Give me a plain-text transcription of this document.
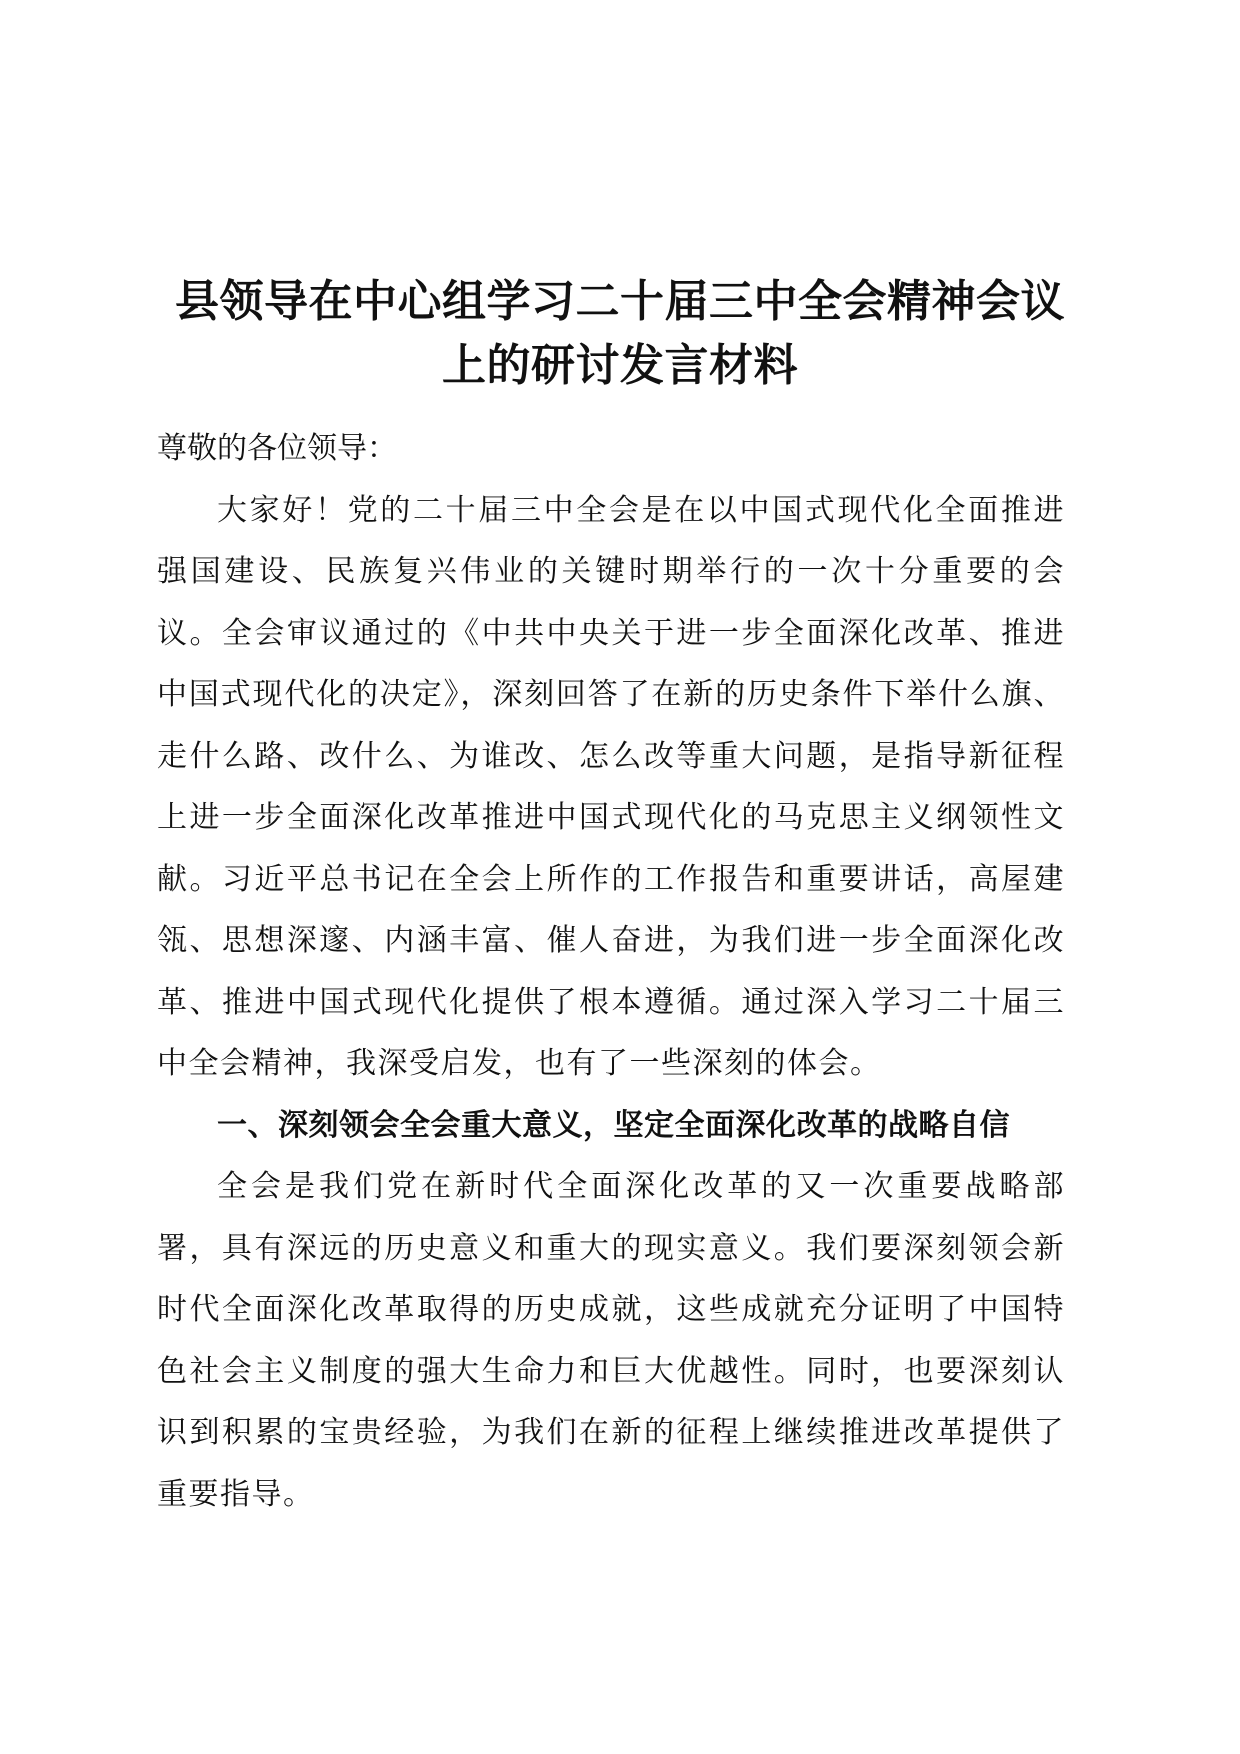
县领导在中心组学习二十届三中全会精神会议
上的研讨发言材料

尊敬的各位领导：

大家好！党的二十届三中全会是在以中国式现代化全面推进强国建设、民族复兴伟业的关键时期举行的一次十分重要的会议。全会审议通过的《中共中央关于进一步全面深化改革、推进中国式现代化的决定》，深刻回答了在新的历史条件下举什么旗、走什么路、改什么、为谁改、怎么改等重大问题，是指导新征程上进一步全面深化改革推进中国式现代化的马克思主义纲领性文献。习近平总书记在全会上所作的工作报告和重要讲话，高屋建瓴、思想深邃、内涵丰富、催人奋进，为我们进一步全面深化改革、推进中国式现代化提供了根本遵循。通过深入学习二十届三中全会精神，我深受启发，也有了一些深刻的体会。

一、深刻领会全会重大意义，坚定全面深化改革的战略自信

全会是我们党在新时代全面深化改革的又一次重要战略部署，具有深远的历史意义和重大的现实意义。我们要深刻领会新时代全面深化改革取得的历史成就，这些成就充分证明了中国特色社会主义制度的强大生命力和巨大优越性。同时，也要深刻认识到积累的宝贵经验，为我们在新的征程上继续推进改革提供了重要指导。
